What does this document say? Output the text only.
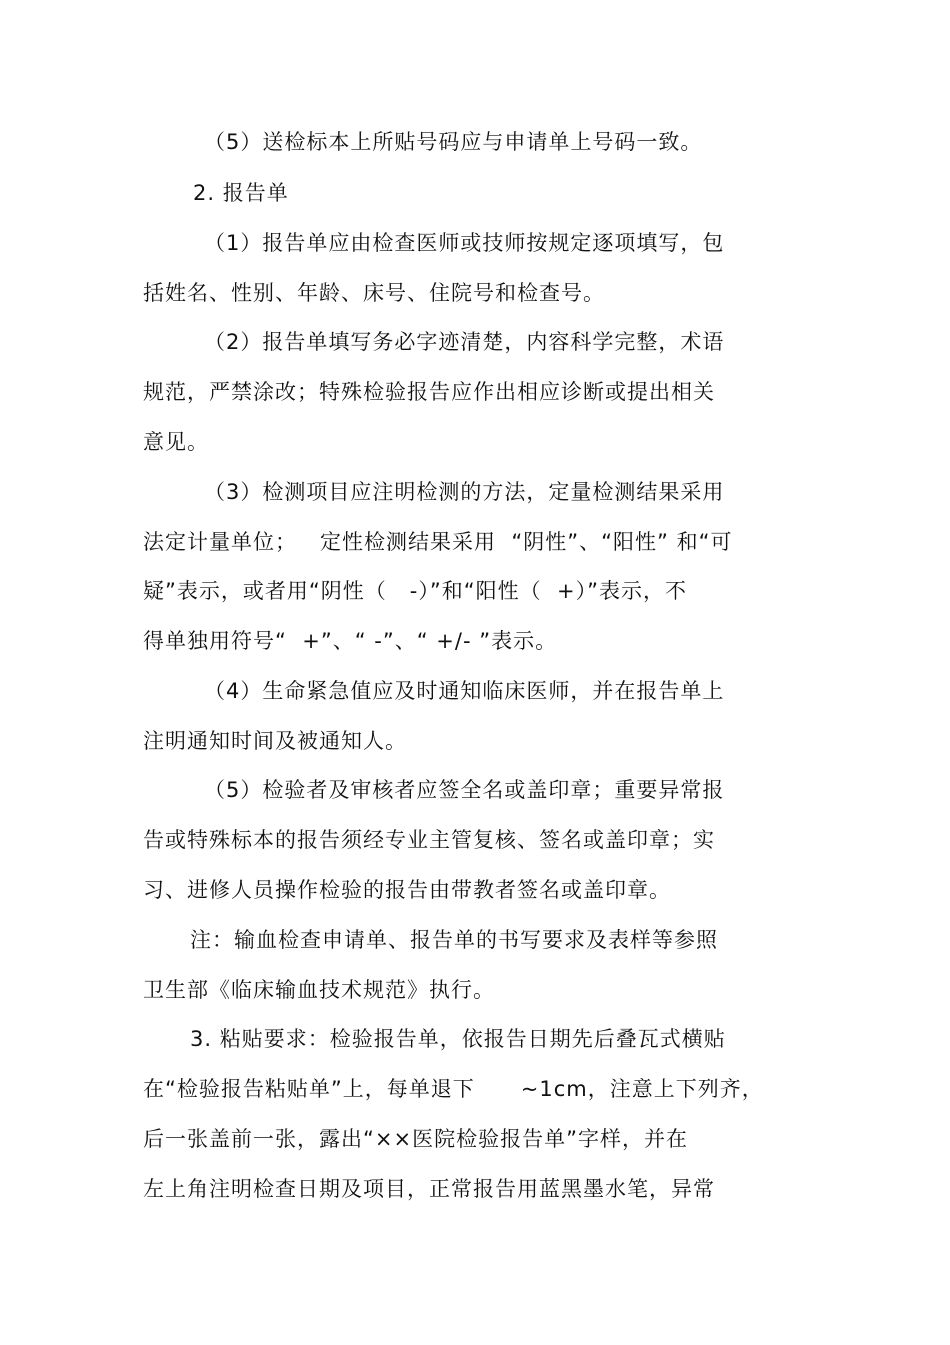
（5）送检标本上所贴号码应与申请单上号码一致。
2. 报告单
（1）报告单应由检查医师或技师按规定逐项填写，包
括姓名、性别、年龄、床号、住院号和检查号。
（2）报告单填写务必字迹清楚，内容科学完整，术语
规范，严禁涂改；特殊检验报告应作出相应诊断或提出相关
意见。
（3）检测项目应注明检测的方法，定量检测结果采用
法定计量单位；   定性检测结果采用  “阴性”、“阳性” 和“可
疑”表示，或者用“阴性（   -）”和“阳性（  +）”表示，不
得单独用符号“  +”、“ -”、“ +/- ”表示。
（4）生命紧急值应及时通知临床医师，并在报告单上
注明通知时间及被通知人。
（5）检验者及审核者应签全名或盖印章；重要异常报
告或特殊标本的报告须经专业主管复核、签名或盖印章；实
习、进修人员操作检验的报告由带教者签名或盖印章。
注：输血检查申请单、报告单的书写要求及表样等参照
卫生部《临床输血技术规范》执行。
3. 粘贴要求：检验报告单，依报告日期先后叠瓦式横贴
在“检验报告粘贴单”上，每单退下      ~1cm，注意上下列齐，
后一张盖前一张，露出“××医院检验报告单”字样，并在
左上角注明检查日期及项目，正常报告用蓝黑墨水笔，异常
